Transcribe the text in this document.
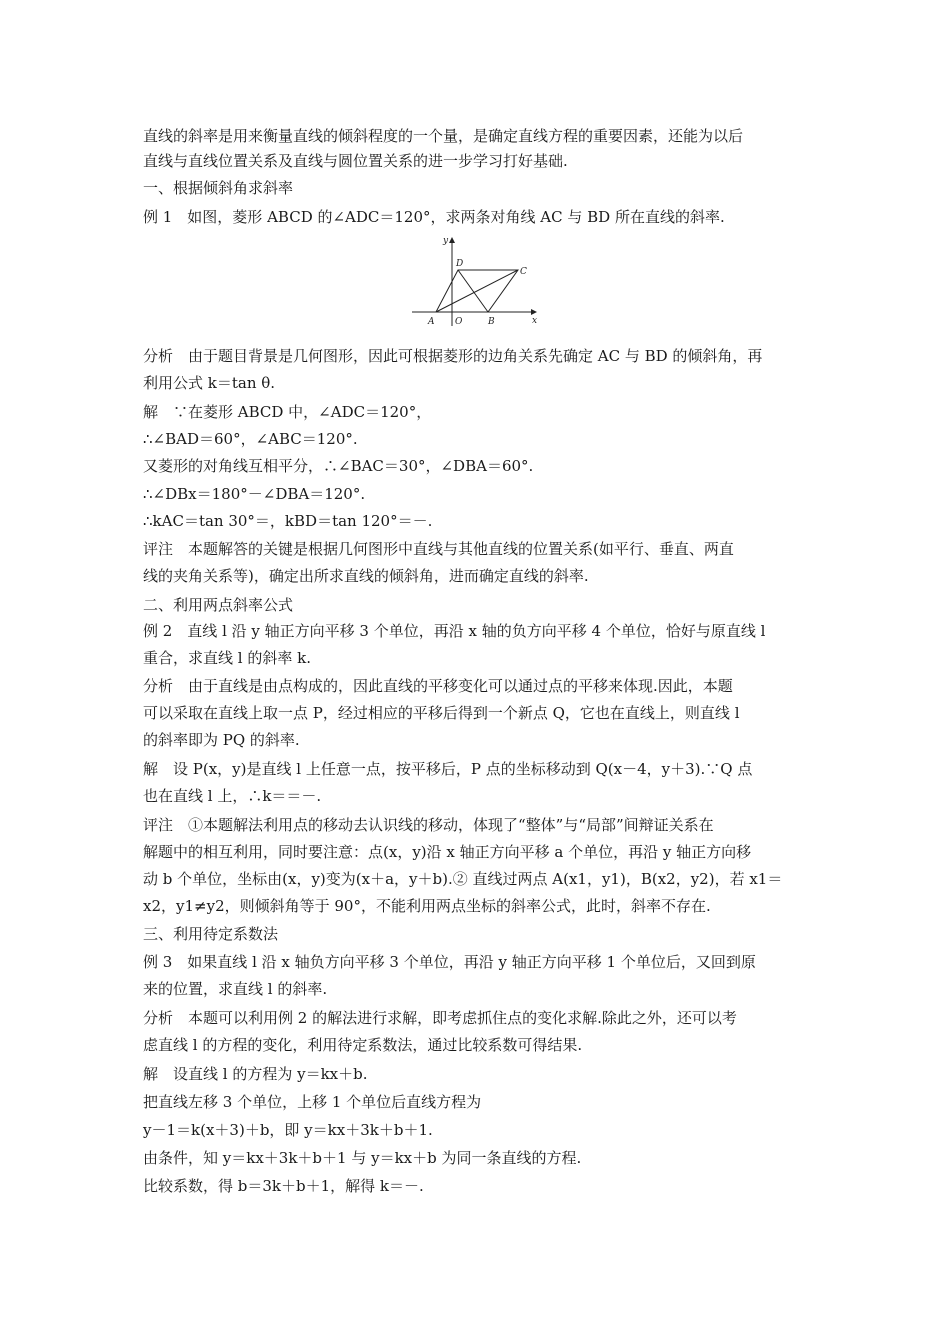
直线的斜率是用来衡量直线的倾斜程度的一个量，是确定直线方程的重要因素，还能为以后
直线与直线位置关系及直线与圆位置关系的进一步学习打好基础.
一、根据倾斜角求斜率
例 1　如图，菱形 ABCD 的∠ADC＝120°，求两条对角线 AC 与 BD 所在直线的斜率.
分析　由于题目背景是几何图形，因此可根据菱形的边角关系先确定 AC 与 BD 的倾斜角，再
利用公式 k＝tan θ.
解　∵在菱形 ABCD 中，∠ADC＝120°，
∴∠BAD＝60°，∠ABC＝120°.
又菱形的对角线互相平分，∴∠BAC＝30°，∠DBA＝60°.
∴∠DBx＝180°－∠DBA＝120°.
∴kAC＝tan 30°＝，kBD＝tan 120°＝－.
评注　本题解答的关键是根据几何图形中直线与其他直线的位置关系(如平行、垂直、两直
线的夹角关系等)，确定出所求直线的倾斜角，进而确定直线的斜率.
二、利用两点斜率公式
例 2　直线 l 沿 y 轴正方向平移 3 个单位，再沿 x 轴的负方向平移 4 个单位，恰好与原直线 l
重合，求直线 l 的斜率 k.
分析　由于直线是由点构成的，因此直线的平移变化可以通过点的平移来体现.因此，本题
可以采取在直线上取一点 P，经过相应的平移后得到一个新点 Q，它也在直线上，则直线 l
的斜率即为 PQ 的斜率.
解　设 P(x，y)是直线 l 上任意一点，按平移后，P 点的坐标移动到 Q(x－4，y＋3).∵Q 点
也在直线 l 上，∴k＝＝－.
评注　①本题解法利用点的移动去认识线的移动，体现了“整体”与“局部”间辩证关系在
解题中的相互利用，同时要注意：点(x，y)沿 x 轴正方向平移 a 个单位，再沿 y 轴正方向移
动 b 个单位，坐标由(x，y)变为(x＋a，y＋b).② 直线过两点 A(x1，y1)，B(x2，y2)，若 x1＝
x2，y1≠y2，则倾斜角等于 90°，不能利用两点坐标的斜率公式，此时，斜率不存在.
三、利用待定系数法
例 3　如果直线 l 沿 x 轴负方向平移 3 个单位，再沿 y 轴正方向平移 1 个单位后，又回到原
来的位置，求直线 l 的斜率.
分析　本题可以利用例 2 的解法进行求解，即考虑抓住点的变化求解.除此之外，还可以考
虑直线 l 的方程的变化，利用待定系数法，通过比较系数可得结果.
解　设直线 l 的方程为 y＝kx＋b.
把直线左移 3 个单位，上移 1 个单位后直线方程为
y－1＝k(x＋3)＋b，即 y＝kx＋3k＋b＋1.
由条件，知 y＝kx＋3k＋b＋1 与 y＝kx＋b 为同一条直线的方程.
比较系数，得 b＝3k＋b＋1，解得 k＝－.
y
x
D
C
A O	B
